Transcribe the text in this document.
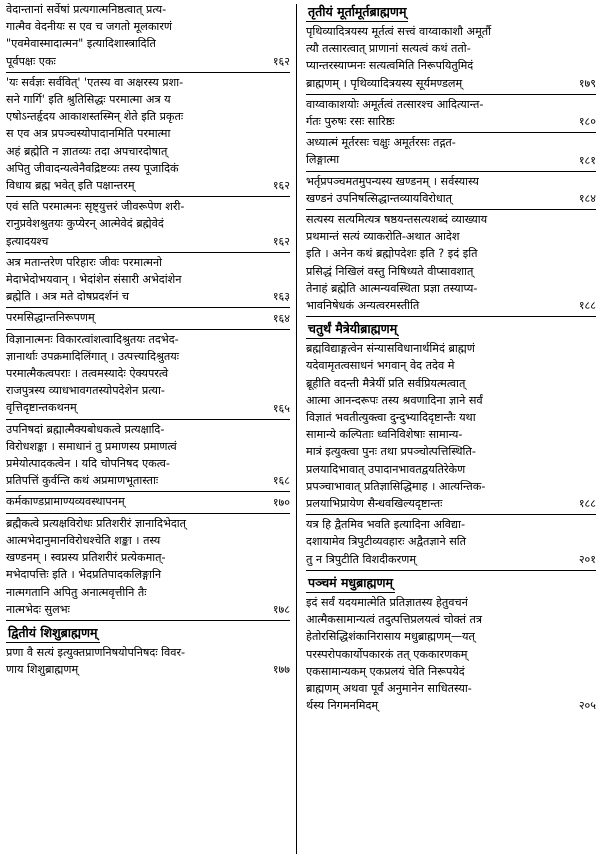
वेदान्तानां सर्वेषां प्रत्यगात्मनिष्ठत्वात् प्रत्य-
गात्मैव वेदनीयः स एव च जगतो मूलकारणं
"एवमेवास्मादात्मन" इत्यादिशास्त्रादिति
पूर्वपक्षः एकः	१६२
'यः सर्वज्ञः सर्ववित्' 'एतस्य वा अक्षरस्य प्रशा-
सने गार्गि' इति श्रुतिसिद्धः परमात्मा अत्र य
एषोऽन्तर्हृदय आकाशस्तस्मिन् शेते इति प्रकृतः
स एव अत्र प्रपञ्चस्योपादानमिति परमात्मा
अहं ब्रह्मेति न ज्ञातव्यः तदा अपचारदोषात्
अपितु जीवादन्यत्वेनैवद्रिष्टव्यः तस्य पूजादिकं
विधाय ब्रह्म भवेत् इति पक्षान्तरम्	१६२
एवं सति परमात्मनः सृष्ट्युत्तरं जीवरूपेण शरी-
रानुप्रवेशश्रुतयः कुप्येरन् आत्मेवेदं ब्रह्मेवेदं
इत्यादयश्च	१६२
अत्र मतान्तरेण परिहारः जीवः परमात्मनो
मेदाभेदोभयवान् । भेदांशेन संसारी अभेदांशेन
ब्रह्मेति । अत्र मते दोषप्रदर्शनं च	१६३
परमसिद्धान्तनिरूपणम्	१६४
विज्ञानात्मनः विकारत्वांशत्वादिश्रुतयः तदभेद-
ज्ञानार्थाः उपक्रमादिलिंगात् । उत्पत्त्यादिश्रुतयः
परमात्मैकत्वपराः । तत्वमस्यादेः ऐक्यपरत्वे
राजपुत्रस्य व्याधभावगतस्योपदेशेन प्रत्या-
वृत्तिदृष्टान्तकथनम्	१६५
उपनिषदां ब्रह्मात्मैक्यबोधकत्वे प्रत्यक्षादि-
विरोधशङ्का । समाधानं तु प्रमाणस्य प्रमाणत्वं
प्रमेयोत्पादकत्वेन । यदि चोपनिषद एकत्व-
प्रतिपत्तिं कुर्वन्ति कथं अप्रमाणभूतास्ताः	१६८
कर्मकाण्डप्रामाण्यव्यवस्थापनम्	१७०
ब्रह्मैकत्वे प्रत्यक्षविरोधः प्रतिशरीरं ज्ञानादिभेदात्
आत्मभेदानुमानविरोधश्चेति शङ्का । तस्य
खण्डनम् । स्वप्नस्य प्रतिशरीरं प्रत्येकमात्-
मभेदापत्तिः इति । भेदप्रतिपादकलिङ्गानि
नात्मगतानि अपितु अनात्मवृत्तीनि तैः
नात्मभेदः सुलभः	१७८
द्वितीयं शिशुब्राह्मणम्
प्रणा वै सत्यं इत्युक्तप्राणनिषयोपनिषदः विवर-
णाय शिशुब्राह्मणम्	१७७
तृतीयं मूर्तामूर्तब्राह्मणम्
पृथिव्यादित्रयस्य मूर्तत्वं सत्त्वं वाय्वाकाशौ अमूर्तौ
त्यौ तत्सारत्वात् प्राणानां सत्यत्वं कथं ततो-
प्यान्तरस्याप्मनः सत्यत्वमिति निरूपयितुमिदं
ब्राह्मणम् । पृथिव्यादित्रयस्य सूर्यमण्डलम्	१७९
वाय्वाकाशयोः अमूर्तत्वं तत्सारश्च आदित्यान्त-
र्गतः पुरुषः रसः सारिष्ठः	१८०
अध्यात्मं मूर्तरसः चक्षुः अमूर्तरसः तद्गत-
लिङ्गात्मा	१८१
भर्तृप्रपञ्चमतमुपन्यस्य खण्डनम् । सर्वस्यास्य
खण्डनं उपनिषत्सिद्धान्तव्यायविरोधात्	१८४
सत्यस्य सत्यमित्यत्र षष्ठयन्तसत्यशब्दं व्याख्याय
प्रथमान्तं सत्यं व्याकरोति-अथात आदेश
इति । अनेन कथं ब्रह्मोपदेशः इति ? इदं इति
प्रसिद्धं निखिलं वस्तु निषिध्यते वीप्सावशात्
तेनाहं ब्रह्मेति आत्मन्यवस्थिता प्रज्ञा तस्याप्य-
भावनिषेधकं अन्यत्वरमस्तीति	१८८
चतुर्थं मैत्रेयीब्राह्मणम्
ब्रह्मविद्याङ्गत्वेन संन्यासविधानार्थमिदं ब्राह्मणं
यदेवामृतत्वसाधनं भगवान् वेद तदेव मे
ब्रूहीति वदन्ती मैत्रेयीं प्रति सर्वप्रियत्मत्वात्
आत्मा आनन्दरूपः तस्य श्रवणादिना ज्ञाने सर्वं
विज्ञातं भवतीत्युक्त्वा दुन्दुभ्यादिदृष्टान्तैः यथा
सामान्ये कल्पिताः ध्वनिविशेषाः सामान्य-
मात्रं इत्युक्त्वा पुनः तथा प्रपञ्चोत्पत्तिस्थिति-
प्रलयादिभावात् उपादानभावतद्वयतिरेकेण
प्रपञ्चाभावात् प्रतिज्ञासिद्धिमाह । आत्यन्तिक-
प्रलयाभिप्रायेण सैन्धवखिल्यदृष्टान्तः	१८८
यत्र हि द्वैतमिव भवति इत्यादिना अविद्या-
दशायामेव त्रिपुटीव्यवहारः अद्वैतज्ञाने सति
तु न त्रिपुटीति विशदीकरणम्	२०१
पञ्चमं मधुब्राह्मणम्
इदं सर्वं यदयमात्मेति प्रतिज्ञातस्य हेतुवचनं
आत्मैकसामान्यत्वं तदुत्पत्तिप्रलयत्वं चोक्तं तत्र
हेतोरसिद्धिशंकानिरासाय मधुब्राह्मणम्—यत्
परस्परोपकार्योपकारकं तत् एककारणकम्
एकसामान्यकम् एकप्रलयं चेति निरूपयेदं
ब्राह्मणम् अथवा पूर्वं अनुमानेन साधितस्या-
र्थस्य निगमनमिदम्	२०५
